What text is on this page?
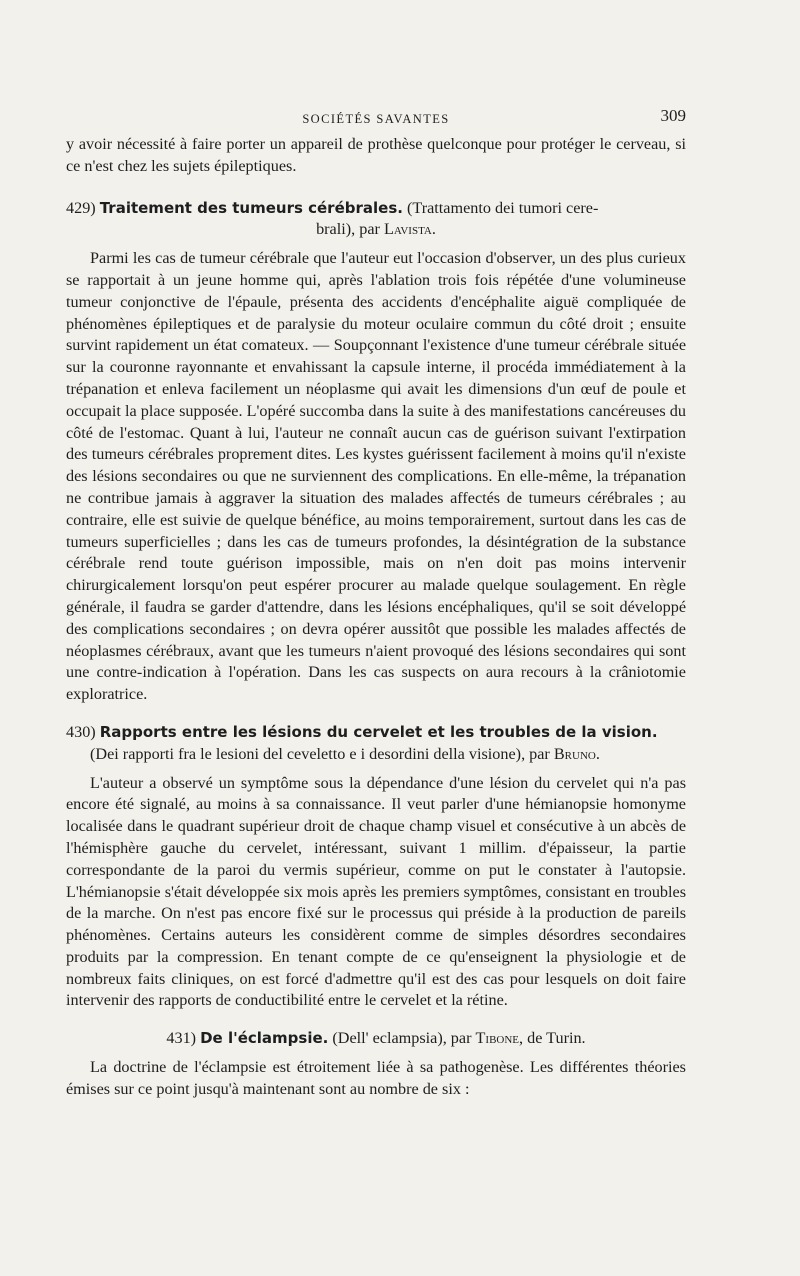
SOCIÉTÉS SAVANTES	309

y avoir nécessité à faire porter un appareil de prothèse quelconque pour protéger le cerveau, si ce n'est chez les sujets épileptiques.

429) Traitement des tumeurs cérébrales. (Trattamento dei tumori cere-

brali), par Lavista.

Parmi les cas de tumeur cérébrale que l'auteur eut l'occasion d'observer, un des plus curieux se rapportait à un jeune homme qui, après l'ablation trois fois répétée d'une volumineuse tumeur conjonctive de l'épaule, présenta des accidents d'encéphalite aiguë compliquée de phénomènes épileptiques et de paralysie du moteur oculaire commun du côté droit ; ensuite survint rapidement un état comateux. — Soupçonnant l'existence d'une tumeur cérébrale située sur la couronne rayonnante et envahissant la capsule interne, il procéda immédiatement à la trépanation et enleva facilement un néoplasme qui avait les dimensions d'un œuf de poule et occupait la place supposée. L'opéré succomba dans la suite à des manifestations cancéreuses du côté de l'estomac. Quant à lui, l'auteur ne connaît aucun cas de guérison suivant l'extirpation des tumeurs cérébrales proprement dites. Les kystes guérissent facilement à moins qu'il n'existe des lésions secondaires ou que ne surviennent des complications. En elle-même, la trépanation ne contribue jamais à aggraver la situation des malades affectés de tumeurs cérébrales ; au contraire, elle est suivie de quelque bénéfice, au moins temporairement, surtout dans les cas de tumeurs superficielles ; dans les cas de tumeurs profondes, la désintégration de la substance cérébrale rend toute guérison impossible, mais on n'en doit pas moins intervenir chirurgicalement lorsqu'on peut espérer procurer au malade quelque soulagement. En règle générale, il faudra se garder d'attendre, dans les lésions encéphaliques, qu'il se soit développé des complications secondaires ; on devra opérer aussitôt que possible les malades affectés de néoplasmes cérébraux, avant que les tumeurs n'aient provoqué des lésions secondaires qui sont une contre-indication à l'opération. Dans les cas suspects on aura recours à la crâniotomie exploratrice.

430) Rapports entre les lésions du cervelet et les troubles de la vision.

(Dei rapporti fra le lesioni del ceveletto e i desordini della visione), par Bruno.

L'auteur a observé un symptôme sous la dépendance d'une lésion du cervelet qui n'a pas encore été signalé, au moins à sa connaissance. Il veut parler d'une hémianopsie homonyme localisée dans le quadrant supérieur droit de chaque champ visuel et consécutive à un abcès de l'hémisphère gauche du cervelet, intéressant, suivant 1 millim. d'épaisseur, la partie correspondante de la paroi du vermis supérieur, comme on put le constater à l'autopsie. L'hémianopsie s'était développée six mois après les premiers symptômes, consistant en troubles de la marche. On n'est pas encore fixé sur le processus qui préside à la production de pareils phénomènes. Certains auteurs les considèrent comme de simples désordres secondaires produits par la compression. En tenant compte de ce qu'enseignent la physiologie et de nombreux faits cliniques, on est forcé d'admettre qu'il est des cas pour lesquels on doit faire intervenir des rapports de conductibilité entre le cervelet et la rétine.

431) De l'éclampsie. (Dell' eclampsia), par Tibone, de Turin.

La doctrine de l'éclampsie est étroitement liée à sa pathogenèse. Les différentes théories émises sur ce point jusqu'à maintenant sont au nombre de six :
